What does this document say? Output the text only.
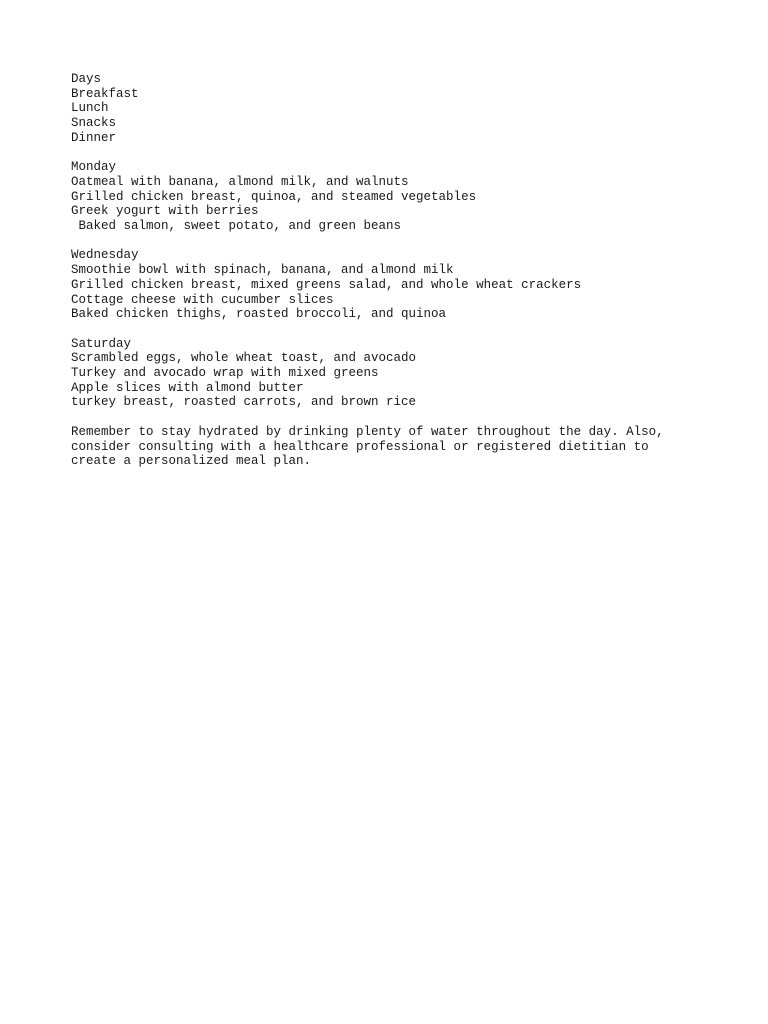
Days
Breakfast
Lunch
Snacks
Dinner
Monday
Oatmeal with banana, almond milk, and walnuts
Grilled chicken breast, quinoa, and steamed vegetables
Greek yogurt with berries
Baked salmon, sweet potato, and green beans
Wednesday
Smoothie bowl with spinach, banana, and almond milk
Grilled chicken breast, mixed greens salad, and whole wheat crackers
Cottage cheese with cucumber slices
Baked chicken thighs, roasted broccoli, and quinoa
Saturday
Scrambled eggs, whole wheat toast, and avocado
Turkey and avocado wrap with mixed greens
Apple slices with almond butter
turkey breast, roasted carrots, and brown rice
Remember to stay hydrated by drinking plenty of water throughout the day. Also,
consider consulting with a healthcare professional or registered dietitian to
create a personalized meal plan.
